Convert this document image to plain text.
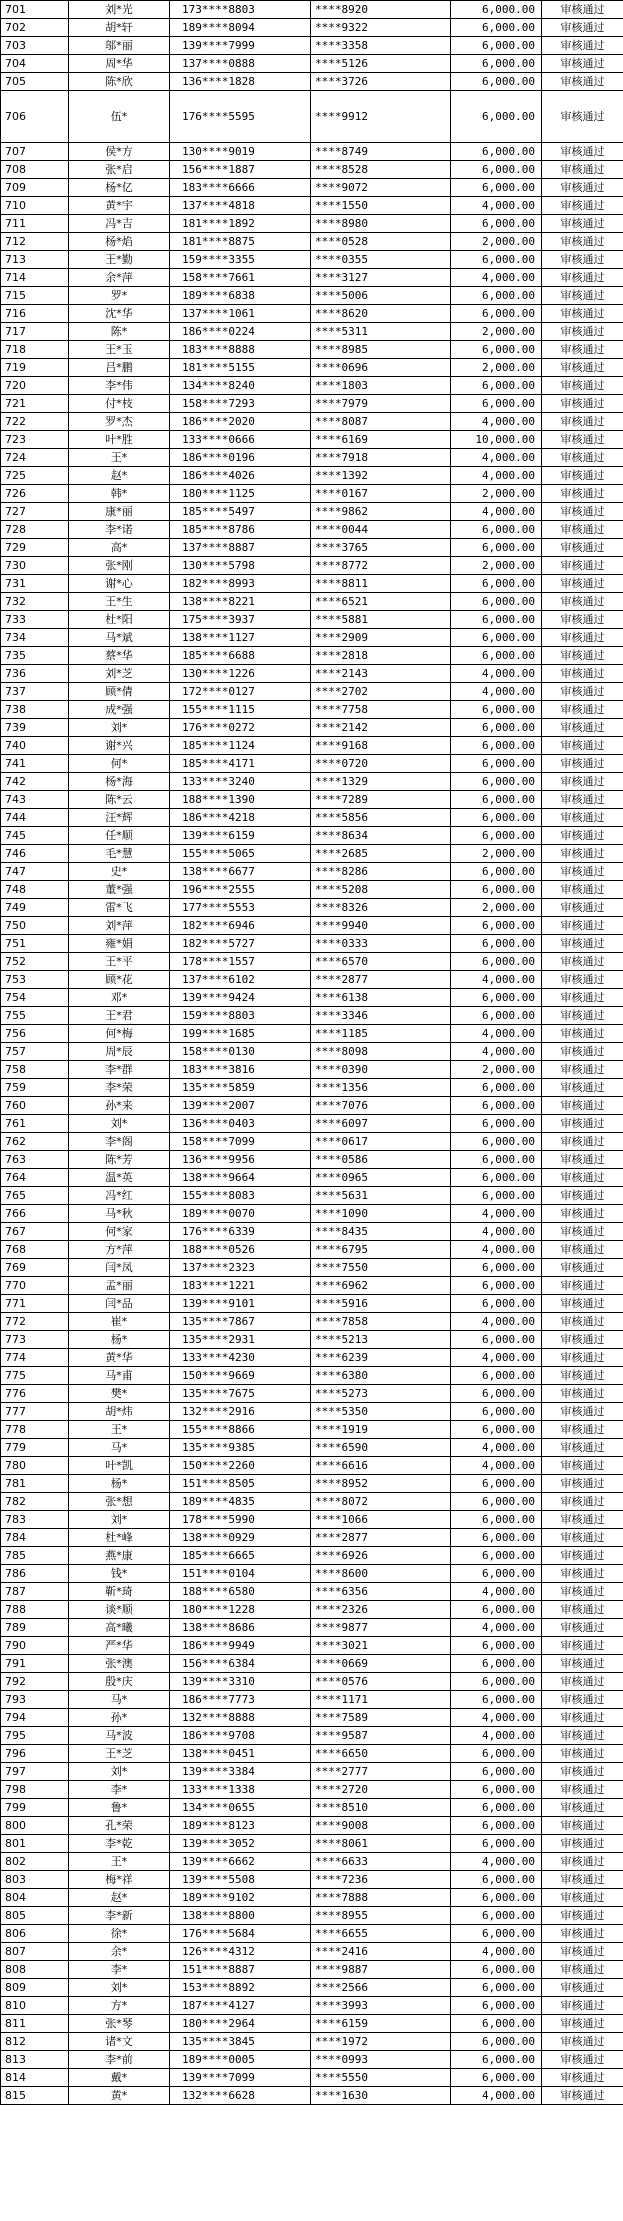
701	刘*光	173****8803	****8920	6,000.00	审核通过
702	胡*轩	189****8094	****9322	6,000.00	审核通过
703	邬*丽	139****7999	****3358	6,000.00	审核通过
704	周*华	137****0888	****5126	6,000.00	审核通过
705	陈*欣	136****1828	****3726	6,000.00	审核通过
706	伍*	176****5595	****9912	6,000.00	审核通过
707	侯*方	130****9019	****8749	6,000.00	审核通过
708	张*启	156****1887	****8528	6,000.00	审核通过
709	杨*亿	183****6666	****9072	6,000.00	审核通过
710	黄*宇	137****4818	****1550	4,000.00	审核通过
711	冯*吉	181****1892	****8980	6,000.00	审核通过
712	杨*焰	181****8875	****0528	2,000.00	审核通过
713	王*勤	159****3355	****0355	6,000.00	审核通过
714	余*萍	158****7661	****3127	4,000.00	审核通过
715	罗*	189****6838	****5006	6,000.00	审核通过
716	沈*华	137****1061	****8620	6,000.00	审核通过
717	陈*	186****0224	****5311	2,000.00	审核通过
718	王*玉	183****8888	****8985	6,000.00	审核通过
719	吕*鹏	181****5155	****0696	2,000.00	审核通过
720	李*伟	134****8240	****1803	6,000.00	审核通过
721	付*枝	158****7293	****7979	6,000.00	审核通过
722	罗*杰	186****2020	****8087	4,000.00	审核通过
723	叶*胜	133****0666	****6169	10,000.00	审核通过
724	王*	186****0196	****7918	4,000.00	审核通过
725	赵*	186****4026	****1392	4,000.00	审核通过
726	韩*	180****1125	****0167	2,000.00	审核通过
727	康*丽	185****5497	****9862	4,000.00	审核通过
728	李*诺	185****8786	****0044	6,000.00	审核通过
729	高*	137****8887	****3765	6,000.00	审核通过
730	张*刚	130****5798	****8772	2,000.00	审核通过
731	谢*心	182****8993	****8811	6,000.00	审核通过
732	王*生	138****8221	****6521	6,000.00	审核通过
733	杜*阳	175****3937	****5881	6,000.00	审核通过
734	马*斌	138****1127	****2909	6,000.00	审核通过
735	蔡*华	185****6688	****2818	6,000.00	审核通过
736	刘*芝	130****1226	****2143	4,000.00	审核通过
737	顾*倩	172****0127	****2702	4,000.00	审核通过
738	成*强	155****1115	****7758	6,000.00	审核通过
739	刘*	176****0272	****2142	6,000.00	审核通过
740	谢*兴	185****1124	****9168	6,000.00	审核通过
741	何*	185****4171	****0720	6,000.00	审核通过
742	杨*海	133****3240	****1329	6,000.00	审核通过
743	陈*云	188****1390	****7289	6,000.00	审核通过
744	汪*辉	186****4218	****5856	6,000.00	审核通过
745	任*顺	139****6159	****8634	6,000.00	审核通过
746	毛*慧	155****5065	****2685	2,000.00	审核通过
747	史*	138****6677	****8286	6,000.00	审核通过
748	董*强	196****2555	****5208	6,000.00	审核通过
749	雷*飞	177****5553	****8326	2,000.00	审核通过
750	刘*萍	182****6946	****9940	6,000.00	审核通过
751	雍*娟	182****5727	****0333	6,000.00	审核通过
752	王*平	178****1557	****6570	6,000.00	审核通过
753	顾*花	137****6102	****2877	4,000.00	审核通过
754	邓*	139****9424	****6138	6,000.00	审核通过
755	王*君	159****8803	****3346	6,000.00	审核通过
756	何*梅	199****1685	****1185	4,000.00	审核通过
757	周*辰	158****0130	****8098	4,000.00	审核通过
758	李*群	183****3816	****0390	2,000.00	审核通过
759	李*荣	135****5859	****1356	6,000.00	审核通过
760	孙*来	139****2007	****7076	6,000.00	审核通过
761	刘*	136****0403	****6097	6,000.00	审核通过
762	李*阁	158****7099	****0617	6,000.00	审核通过
763	陈*芳	136****9956	****0586	6,000.00	审核通过
764	温*英	138****9664	****0965	6,000.00	审核通过
765	冯*红	155****8083	****5631	6,000.00	审核通过
766	马*秋	189****0070	****1090	4,000.00	审核通过
767	何*家	176****6339	****8435	4,000.00	审核通过
768	方*萍	188****0526	****6795	4,000.00	审核通过
769	闫*凤	137****2323	****7550	6,000.00	审核通过
770	孟*丽	183****1221	****6962	6,000.00	审核通过
771	闫*品	139****9101	****5916	6,000.00	审核通过
772	崔*	135****7867	****7858	4,000.00	审核通过
773	杨*	135****2931	****5213	6,000.00	审核通过
774	黄*华	133****4230	****6239	4,000.00	审核通过
775	马*甫	150****9669	****6380	6,000.00	审核通过
776	樊*	135****7675	****5273	6,000.00	审核通过
777	胡*炜	132****2916	****5350	6,000.00	审核通过
778	王*	155****8866	****1919	6,000.00	审核通过
779	马*	135****9385	****6590	4,000.00	审核通过
780	叶*凯	150****2260	****6616	4,000.00	审核通过
781	杨*	151****8505	****8952	6,000.00	审核通过
782	张*想	189****4835	****8072	6,000.00	审核通过
783	刘*	178****5990	****1066	6,000.00	审核通过
784	杜*峰	138****0929	****2877	6,000.00	审核通过
785	燕*康	185****6665	****6926	6,000.00	审核通过
786	钱*	151****0104	****8600	6,000.00	审核通过
787	靳*琦	188****6580	****6356	4,000.00	审核通过
788	谈*顺	180****1228	****2326	6,000.00	审核通过
789	高*曦	138****8686	****9877	4,000.00	审核通过
790	严*华	186****9949	****3021	6,000.00	审核通过
791	张*澳	156****6384	****0669	6,000.00	审核通过
792	殷*庆	139****3310	****0576	6,000.00	审核通过
793	马*	186****7773	****1171	6,000.00	审核通过
794	孙*	132****8888	****7589	4,000.00	审核通过
795	马*波	186****9708	****9587	4,000.00	审核通过
796	王*芝	138****0451	****6650	6,000.00	审核通过
797	刘*	139****3384	****2777	6,000.00	审核通过
798	李*	133****1338	****2720	6,000.00	审核通过
799	鲁*	134****0655	****8510	6,000.00	审核通过
800	孔*荣	189****8123	****9008	6,000.00	审核通过
801	李*乾	139****3052	****8061	6,000.00	审核通过
802	王*	139****6662	****6633	4,000.00	审核通过
803	梅*祥	139****5508	****7236	6,000.00	审核通过
804	赵*	189****9102	****7888	6,000.00	审核通过
805	李*新	138****8800	****8955	6,000.00	审核通过
806	徐*	176****5684	****6655	6,000.00	审核通过
807	余*	126****4312	****2416	4,000.00	审核通过
808	李*	151****8887	****9887	6,000.00	审核通过
809	刘*	153****8892	****2566	6,000.00	审核通过
810	方*	187****4127	****3993	6,000.00	审核通过
811	张*琴	180****2964	****6159	6,000.00	审核通过
812	诸*文	135****3845	****1972	6,000.00	审核通过
813	李*前	189****0005	****0993	6,000.00	审核通过
814	戴*	139****7099	****5550	6,000.00	审核通过
815	黄*	132****6628	****1630	4,000.00	审核通过
